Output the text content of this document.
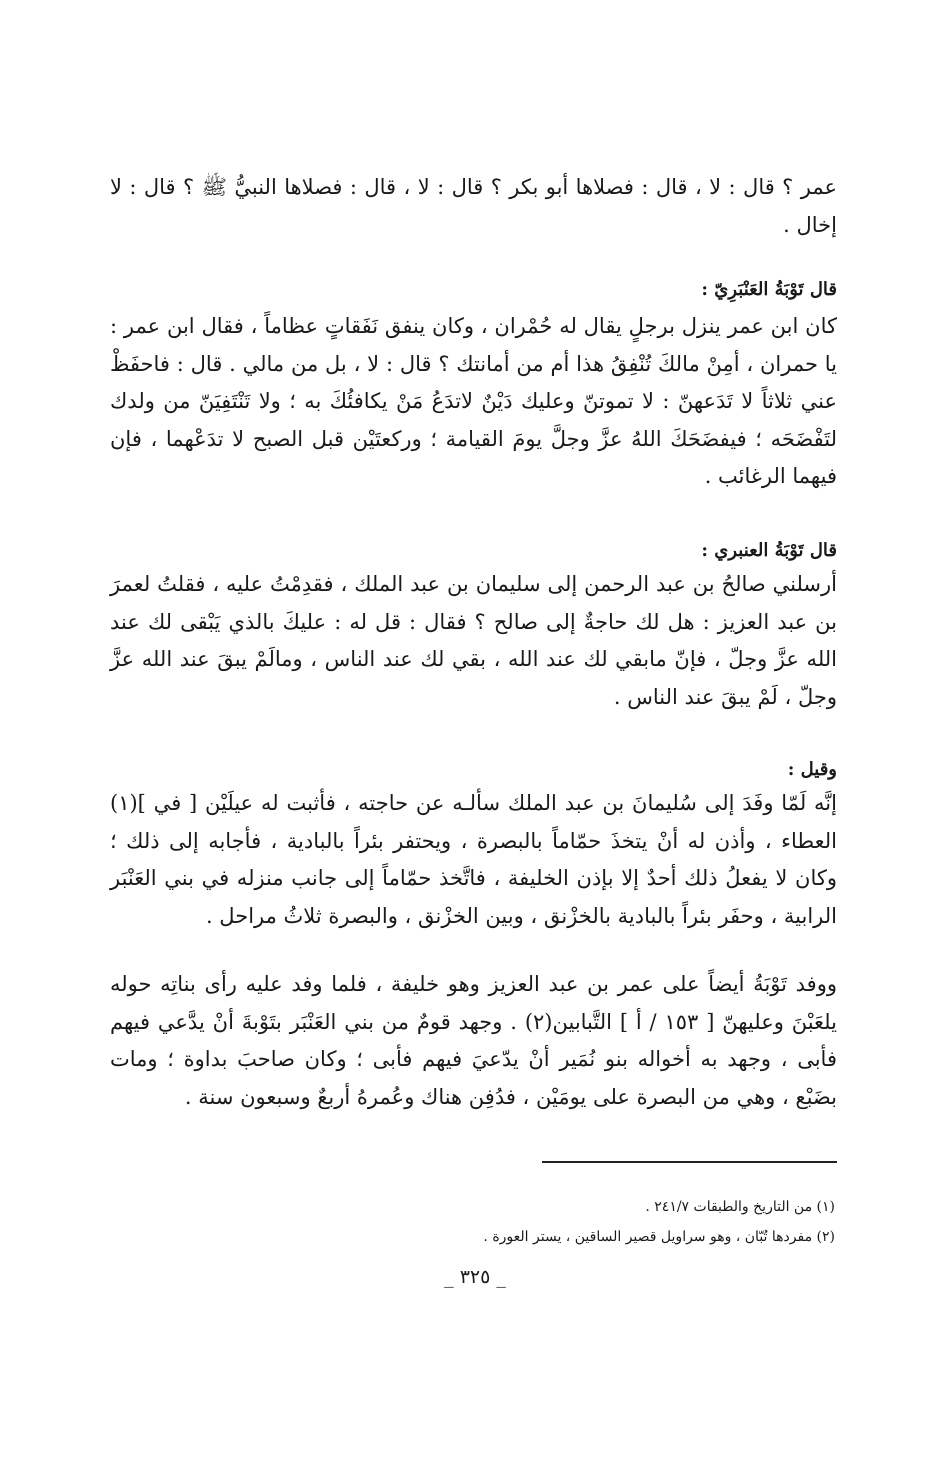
عمر ؟ قال : لا ، قال : فصلاها أبو بكر ؟ قال : لا ، قال : فصلاها النبيُّ ﷺ ؟ قال : لا إخال .

قال تَوْبَةُ العَنْبَرِيّ :

كان ابن عمر ينزل برجلٍ يقال له حُمْران ، وكان ينفق نَفَقاتٍ عظاماً ، فقال ابن عمر : يا حمران ، أمِنْ مالكَ تُنْفِقُ هذا أم من أمانتك ؟ قال : لا ، بل من مالي . قال : فاحفَظْ عني ثلاثاً لا تَدَعهنّ : لا تموتنّ وعليك دَيْنٌ لاتدَعُ مَنْ يكافئُكَ به ؛ ولا تَنْتَفِيَنّ من ولدك لتَفْضَحَه ؛ فيفضَحَكَ اللهُ عزَّ وجلَّ يومَ القيامة ؛ وركعتَيْن قبل الصبح لا تدَعْهما ، فإن فيهما الرغائب .

قال تَوْبَةُ العنبري :

أرسلني صالحُ بن عبد الرحمن إلى سليمان بن عبد الملك ، فقدِمْتُ عليه ، فقلتُ لعمرَ بن عبد العزيز : هل لك حاجةٌ إلى صالح ؟ فقال : قل له : عليكَ بالذي يَبْقى لك عند الله عزَّ وجلّ ، فإنّ مابقي لك عند الله ، بقي لك عند الناس ، ومالَمْ يبقَ عند الله عزَّ وجلّ ، لَمْ يبقَ عند الناس .

وقيل :

إنَّه لَمّا وفَدَ إلى سُليمانَ بن عبد الملك سألـه عن حاجته ، فأثبت له عيلَيْن [ في ](١) العطاء ، وأذن له أنْ يتخذَ حمّاماً بالبصرة ، ويحتفر بئراً بالبادية ، فأجابه إلى ذلك ؛ وكان لا يفعلُ ذلك أحدٌ إلا بإذن الخليفة ، فاتَّخذ حمّاماً إلى جانب منزله في بني العَنْبَر الرابية ، وحفَر بئراً بالبادية بالخزْنق ، وبين الخزْنق ، والبصرة ثلاثُ مراحل .

ووفد تَوْبَةُ أيضاً على عمر بن عبد العزيز وهو خليفة ، فلما وفد عليه رأى بناتِه حوله يلعَبْنَ وعليهنّ [ ١٥٣ / أ ] التَّبابين(٢) . وجهد قومٌ من بني العَنْبَر بتَوْبةَ أنْ يدَّعي فيهم فأبى ، وجهد به أخواله بنو نُمَير أنْ يدّعيَ فيهم فأبى ؛ وكان صاحبَ بداوة ؛ ومات بضَبْع ، وهي من البصرة على يومَيْن ، فدُفِن هناك وعُمرهُ أربعٌ وسبعون سنة .

(١) من التاريخ والطبقات ٢٤١/٧ .

(٢) مفردها تُبّان ، وهو سراويل قصير الساقين ، يستر العورة .

_ ٣٢٥ _
